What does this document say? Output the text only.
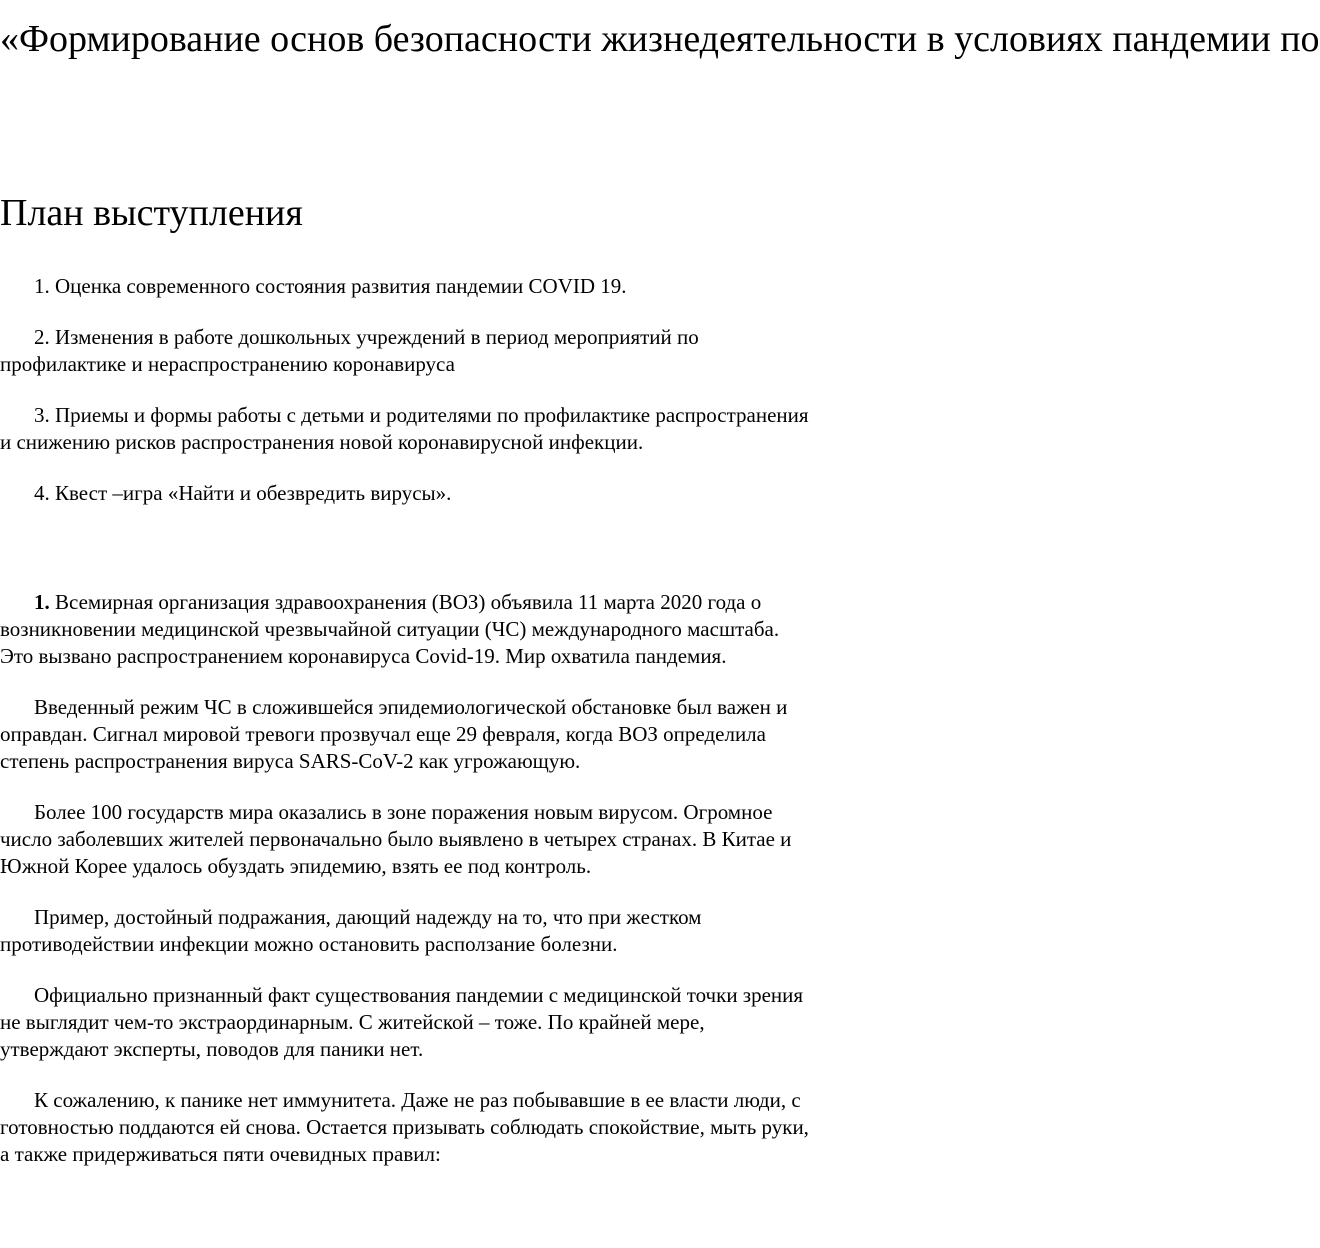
«Формирование основ безопасности жизнедеятельности в условиях пандемии по
План выступления
1. Оценка современного состояния развития пандемии COVID 19.
2. Изменения в работе дошкольных учреждений в период мероприятий по профилактике и нераспространению коронавируса
3. Приемы и формы работы с детьми и родителями по профилактике распространения и снижению рисков распространения новой коронавирусной инфекции.
4. Квест –игра «Найти и обезвредить вирусы».

1. Всемирная организация здравоохранения (ВОЗ) объявила 11 марта 2020 года о возникновении медицинской чрезвычайной ситуации (ЧС) международного масштаба. Это вызвано распространением коронавируса Covid-19. Мир охватила пандемия.

Введенный режим ЧС в сложившейся эпидемиологической обстановке был важен и оправдан. Сигнал мировой тревоги прозвучал еще 29 февраля, когда ВОЗ определила степень распространения вируса SARS-CoV-2 как угрожающую.

Более 100 государств мира оказались в зоне поражения новым вирусом. Огромное число заболевших жителей первоначально было выявлено в четырех странах. В Китае и Южной Корее удалось обуздать эпидемию, взять ее под контроль.

Пример, достойный подражания, дающий надежду на то, что при жестком противодействии инфекции можно остановить расползание болезни.

Официально признанный факт существования пандемии с медицинской точки зрения не выглядит чем-то экстраординарным. С житейской – тоже. По крайней мере, утверждают эксперты, поводов для паники нет.

К сожалению, к панике нет иммунитета. Даже не раз побывавшие в ее власти люди, с готовностью поддаются ей снова. Остается призывать соблюдать спокойствие, мыть руки, а также придерживаться пяти очевидных правил:
